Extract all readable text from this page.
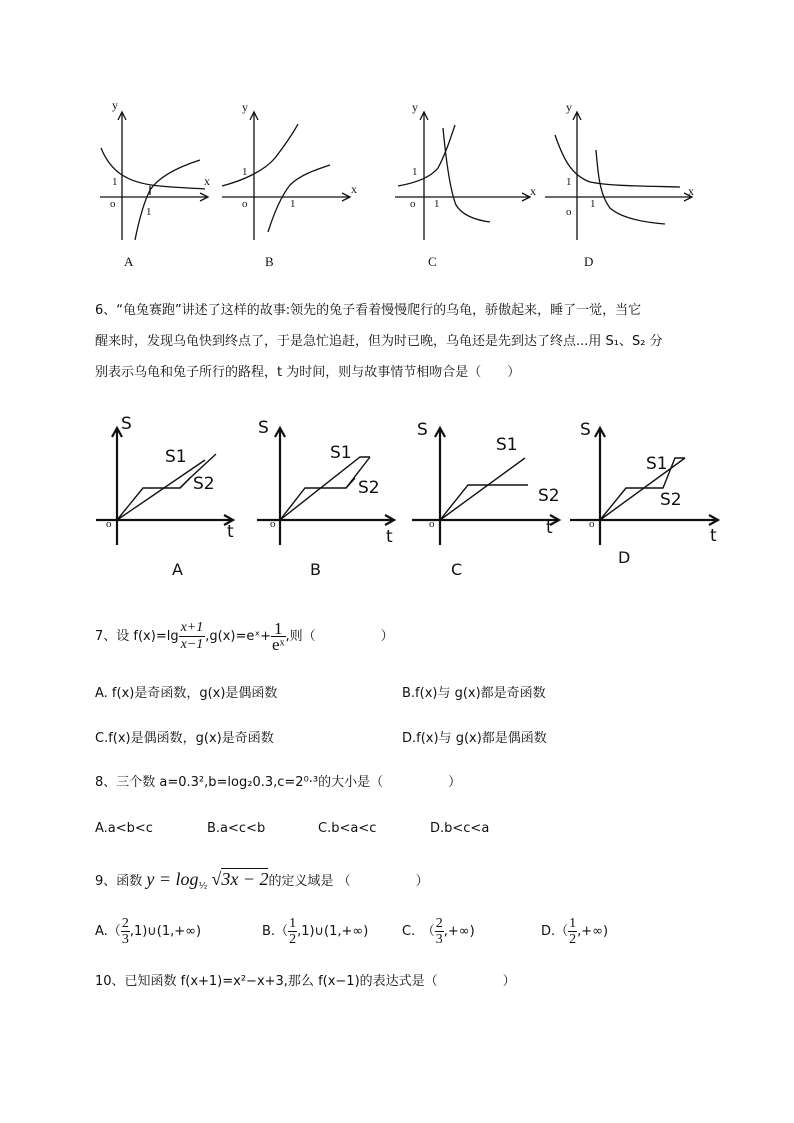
y
x
1
o
1
y
x
1
o	1
y
x
1
o 1
y
x
1
o
1
A	B	C	D
6、“龟兔赛跑”讲述了这样的故事:领先的兔子看着慢慢爬行的乌龟，骄傲起来，睡了一觉，当它
醒来时，发现乌龟快到终点了，于是急忙追赶，但为时已晚，乌龟还是先到达了终点...用 S₁、S₂ 分
别表示乌龟和兔子所行的路程，t 为时间，则与故事情节相吻合是（　　）
S
S1
S2
t
o
A
S
S1
S2
t
o
B
S
S1
S2
t
o
C
S
S1
S2
t
o
D
7、设 $f(x)=\lg \frac{x+1}{x-1}$ ,g(x)=eˣ+ $\frac{1}{\text{eˣ}}$ ,则（　　　　　）
A. f(x)是奇函数，g(x)是偶函数	B.f(x)与 g(x)都是奇函数
C.f(x)是偶函数，g(x)是奇函数	D.f(x)与 g(x)都是偶函数
8、三个数 a=0.3²,b=log₂0.3,c=2⁰·³的大小是（　　　　　）
A.a<b<c	B.a<c<b	C.b<a<c	D.b<c<a
9、函数 $y = \log_{\frac{1}{2}} √3x - 2$的定义域是 （　　　　　）
$A.( \frac{2}{3}$ ,1)∪(1,+∞)	$B.( \frac{1}{2}$ ,1)∪(1,+∞)	C.　（ $\frac{2}{3}$ ,+∞)	$D.( \frac{1}{2}$ ,+∞)
10、已知函数 f(x+1)=x²−x+3,那么 f(x−1)的表达式是（　　　　　）
